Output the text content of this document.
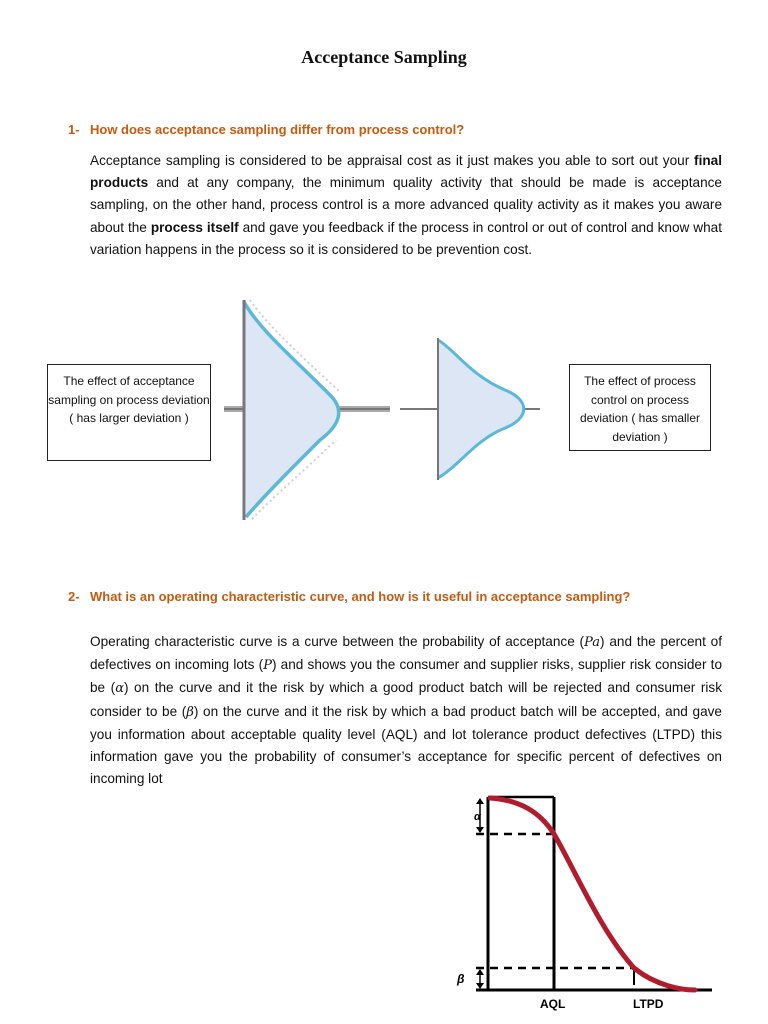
Acceptance Sampling
1- How does acceptance sampling differ from process control?
Acceptance sampling is considered to be appraisal cost as it just makes you able to sort out your final products and at any company, the minimum quality activity that should be made is acceptance sampling, on the other hand, process control is a more advanced quality activity as it makes you aware about the process itself and gave you feedback if the process in control or out of control and know what variation happens in the process so it is considered to be prevention cost.
The effect of acceptance sampling on process deviation ( has larger deviation )
The effect of process control on process deviation ( has smaller deviation )
2- What is an operating characteristic curve, and how is it useful in acceptance sampling?
Operating characteristic curve is a curve between the probability of acceptance (Pa) and the percent of defectives on incoming lots (P) and shows you the consumer and supplier risks, supplier risk consider to be (α) on the curve and it the risk by which a good product batch will be rejected and consumer risk consider to be (β) on the curve and it the risk by which a bad product batch will be accepted, and gave you information about acceptable quality level (AQL) and lot tolerance product defectives (LTPD) this information gave you the probability of consumer’s acceptance for specific percent of defectives on incoming lot
α
β
AQL	LTPD
